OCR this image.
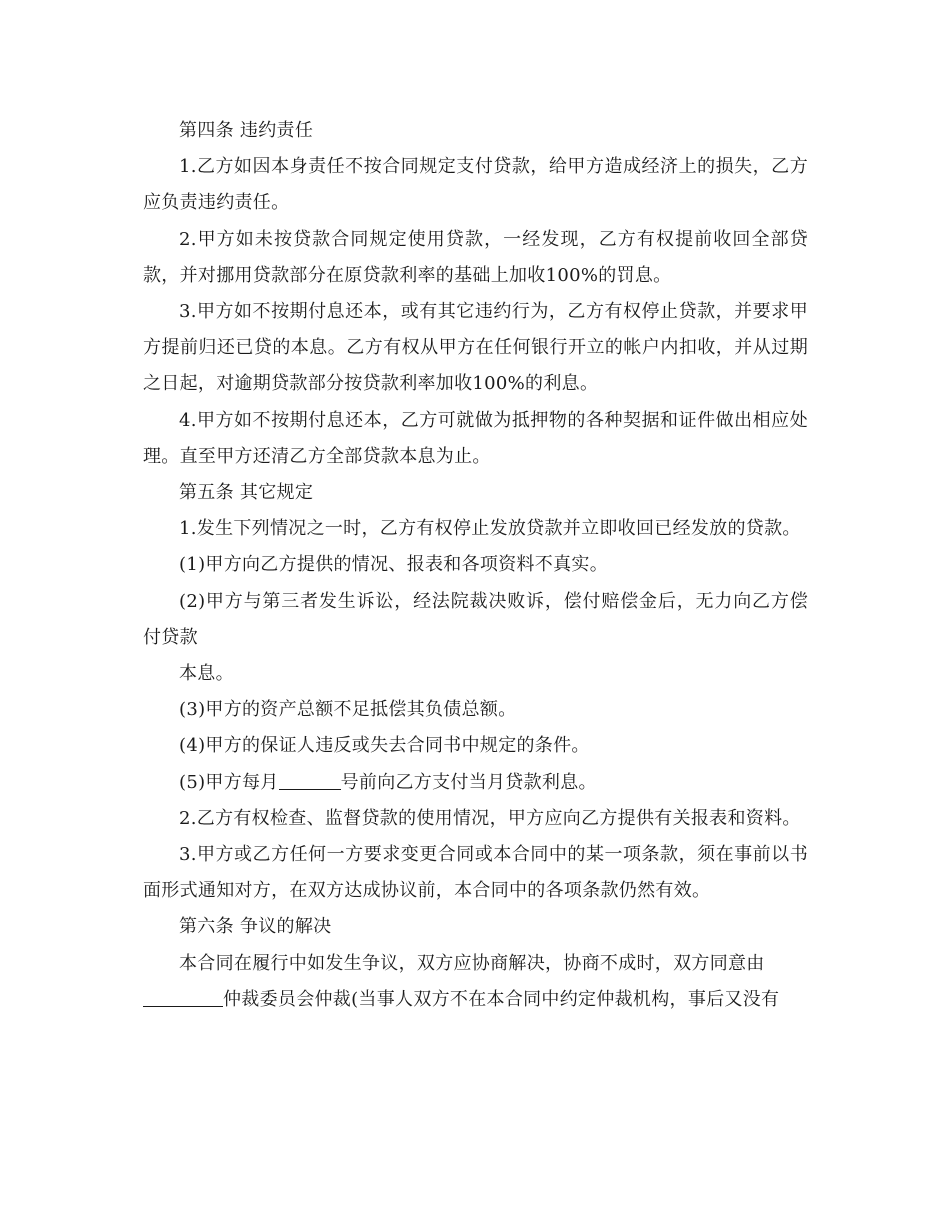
第四条 违约责任

1.乙方如因本身责任不按合同规定支付贷款，给甲方造成经济上的损失，乙方应负责违约责任。

2.甲方如未按贷款合同规定使用贷款，一经发现，乙方有权提前收回全部贷款，并对挪用贷款部分在原贷款利率的基础上加收100%的罚息。

3.甲方如不按期付息还本，或有其它违约行为，乙方有权停止贷款，并要求甲方提前归还已贷的本息。乙方有权从甲方在任何银行开立的帐户内扣收，并从过期之日起，对逾期贷款部分按贷款利率加收100%的利息。

4.甲方如不按期付息还本，乙方可就做为抵押物的各种契据和证件做出相应处理。直至甲方还清乙方全部贷款本息为止。

第五条 其它规定

1.发生下列情况之一时，乙方有权停止发放贷款并立即收回已经发放的贷款。

(1)甲方向乙方提供的情况、报表和各项资料不真实。

(2)甲方与第三者发生诉讼，经法院裁决败诉，偿付赔偿金后，无力向乙方偿付贷款

本息。

(3)甲方的资产总额不足抵偿其负债总额。

(4)甲方的保证人违反或失去合同书中规定的条件。

(5)甲方每月	号前向乙方支付当月贷款利息。

2.乙方有权检查、监督贷款的使用情况，甲方应向乙方提供有关报表和资料。

3.甲方或乙方任何一方要求变更合同或本合同中的某一项条款，须在事前以书面形式通知对方，在双方达成协议前，本合同中的各项条款仍然有效。

第六条 争议的解决

本合同在履行中如发生争议，双方应协商解决，协商不成时，双方同意由

仲裁委员会仲裁(当事人双方不在本合同中约定仲裁机构，事后又没有
